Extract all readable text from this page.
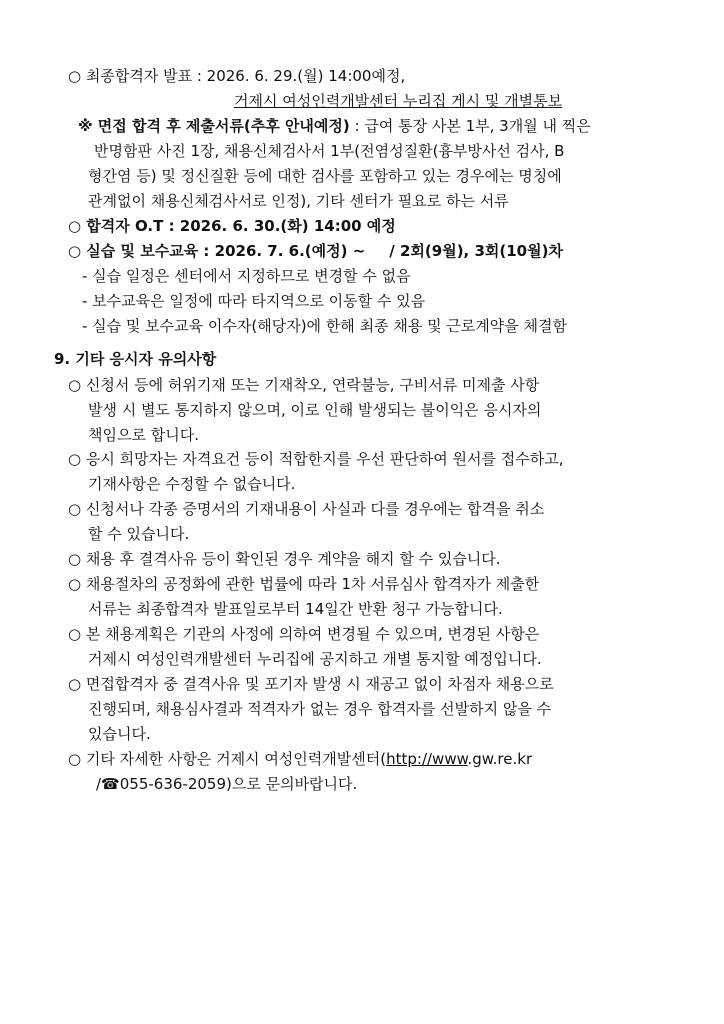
○ 최종합격자 발표 : 2026. 6. 29.(월) 14:00예정,
거제시 여성인력개발센터 누리집 게시 및 개별통보
※ 면접 합격 후 제출서류(추후 안내예정) : 급여 통장 사본 1부, 3개월 내 찍은
반명함판 사진 1장, 채용신체검사서 1부(전염성질환(흉부방사선 검사, B
형간염 등) 및 정신질환 등에 대한 검사를 포함하고 있는 경우에는 명칭에
관계없이 채용신체검사서로 인정), 기타 센터가 필요로 하는 서류
○ 합격자 O.T : 2026. 6. 30.(화) 14:00 예정
○ 실습 및 보수교육 : 2026. 7. 6.(예정) ~ / 2회(9월), 3회(10월)차
- 실습 일정은 센터에서 지정하므로 변경할 수 없음
- 보수교육은 일정에 따라 타지역으로 이동할 수 있음
- 실습 및 보수교육 이수자(해당자)에 한해 최종 채용 및 근로계약을 체결함
9. 기타 응시자 유의사항
○ 신청서 등에 허위기재 또는 기재착오, 연락불능, 구비서류 미제출 사항
발생 시 별도 통지하지 않으며, 이로 인해 발생되는 불이익은 응시자의
책임으로 합니다.
○ 응시 희망자는 자격요건 등이 적합한지를 우선 판단하여 원서를 접수하고,
기재사항은 수정할 수 없습니다.
○ 신청서나 각종 증명서의 기재내용이 사실과 다를 경우에는 합격을 취소
할 수 있습니다.
○ 채용 후 결격사유 등이 확인된 경우 계약을 해지 할 수 있습니다.
○ 채용절차의 공정화에 관한 법률에 따라 1차 서류심사 합격자가 제출한
서류는 최종합격자 발표일로부터 14일간 반환 청구 가능합니다.
○ 본 채용계획은 기관의 사정에 의하여 변경될 수 있으며, 변경된 사항은
거제시 여성인력개발센터 누리집에 공지하고 개별 통지할 예정입니다.
○ 면접합격자 중 결격사유 및 포기자 발생 시 재공고 없이 차점자 채용으로
진행되며, 채용심사결과 적격자가 없는 경우 합격자를 선발하지 않을 수
있습니다.
○ 기타 자세한 사항은 거제시 여성인력개발센터(http://www.gw.re.kr
/☎055-636-2059)으로 문의바랍니다.
